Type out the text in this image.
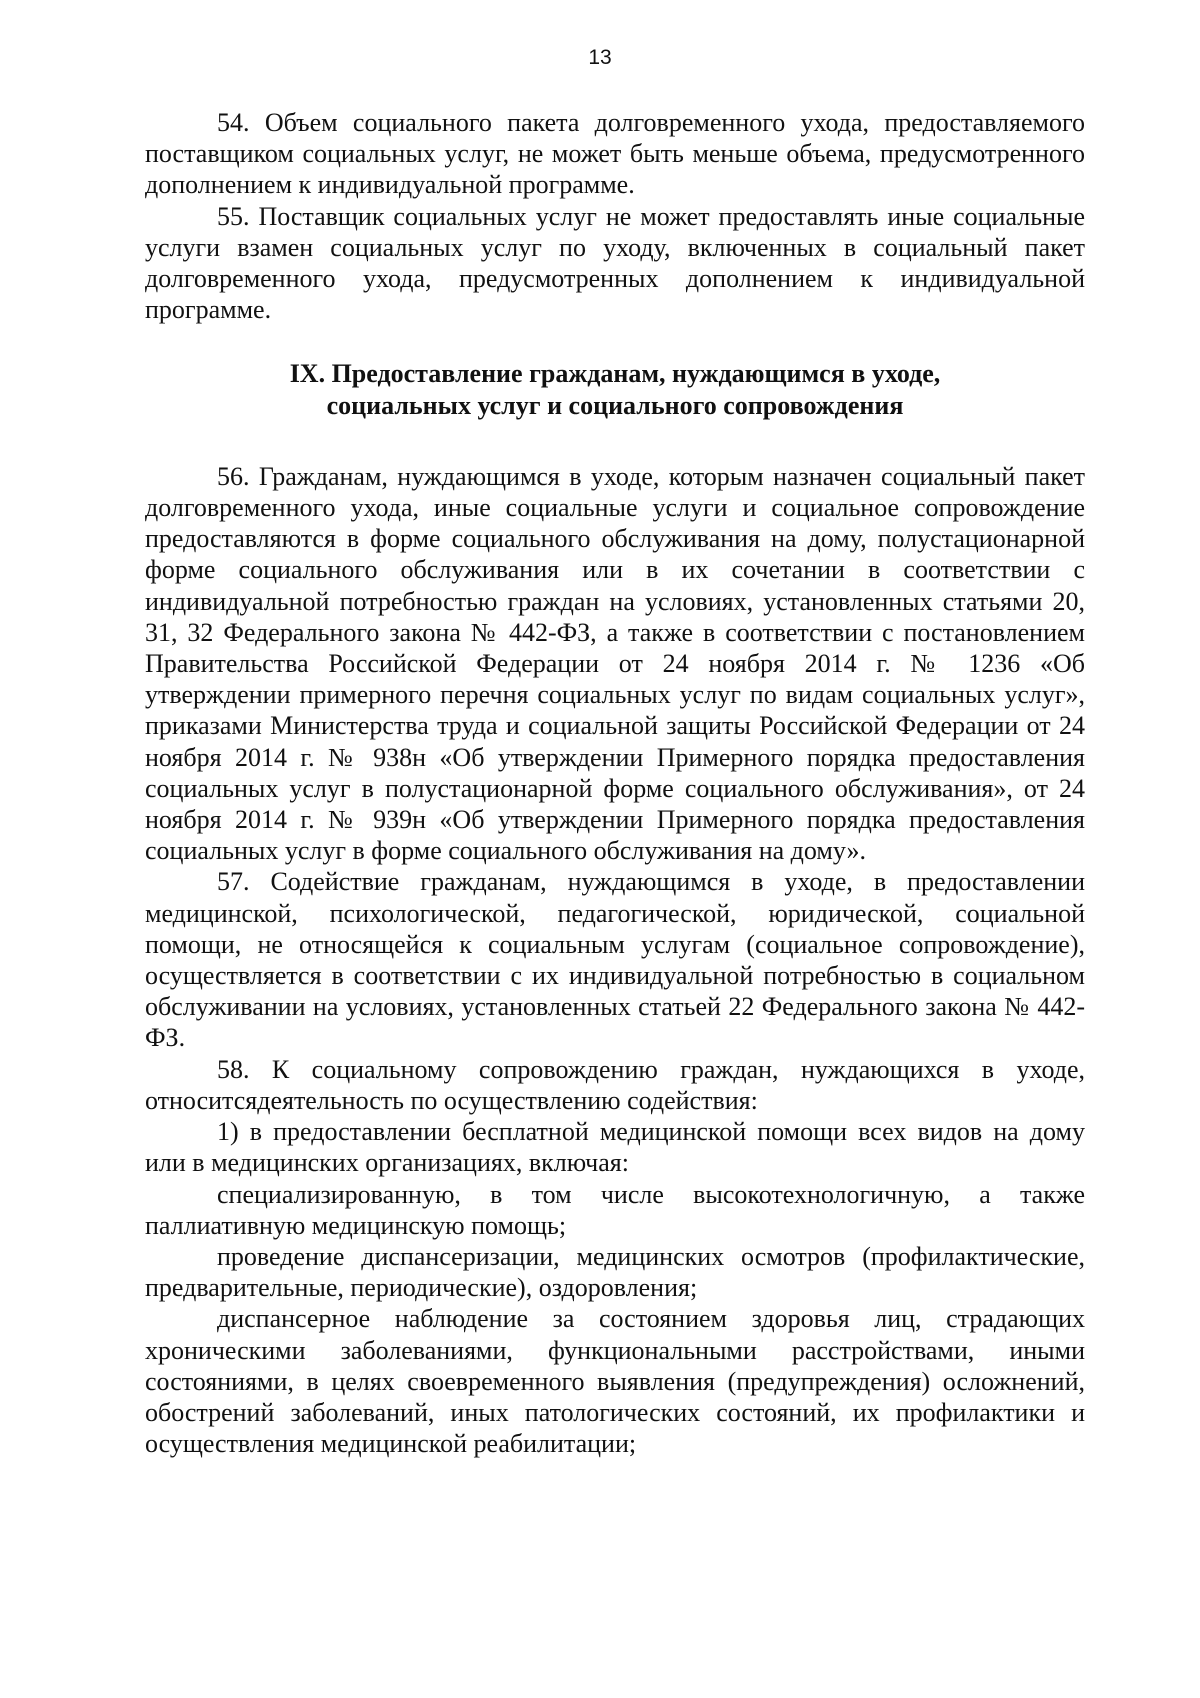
13

54. Объем социального пакета долговременного ухода, предоставляемого поставщиком социальных услуг, не может быть меньше объема, предусмотренного дополнением к индивидуальной программе.

55. Поставщик социальных услуг не может предоставлять иные социальные услуги взамен социальных услуг по уходу, включенных в социальный пакет долговременного ухода, предусмотренных дополнением к индивидуальной программе.

IX. Предоставление гражданам, нуждающимся в уходе,
социальных услуг и социального сопровождения

56. Гражданам, нуждающимся в уходе, которым назначен социальный пакет долговременного ухода, иные социальные услуги и социальное сопровождение предоставляются в форме социального обслуживания на дому, полустационарной форме социального обслуживания или в их сочетании в соответствии с индивидуальной потребностью граждан на условиях, установленных статьями 20, 31, 32 Федерального закона № 442-ФЗ, а также в соответствии с постановлением Правительства Российской Федерации от 24 ноября 2014 г. № 1236 «Об утверждении примерного перечня социальных услуг по видам социальных услуг», приказами Министерства труда и социальной защиты Российской Федерации от 24 ноября 2014 г. № 938н «Об утверждении Примерного порядка предоставления социальных услуг в полустационарной форме социального обслуживания», от 24 ноября 2014 г. № 939н «Об утверждении Примерного порядка предоставления социальных услуг в форме социального обслуживания на дому».

57. Содействие гражданам, нуждающимся в уходе, в предоставлении медицинской, психологической, педагогической, юридической, социальной помощи, не относящейся к социальным услугам (социальное сопровождение), осуществляется в соответствии с их индивидуальной потребностью в социальном обслуживании на условиях, установленных статьей 22 Федерального закона № 442-ФЗ.

58. К социальному сопровождению граждан, нуждающихся в уходе, относитсядеятельность по осуществлению содействия:

1) в предоставлении бесплатной медицинской помощи всех видов на дому или в медицинских организациях, включая:

специализированную, в том числе высокотехнологичную, а также паллиативную медицинскую помощь;

проведение диспансеризации, медицинских осмотров (профилактические, предварительные, периодические), оздоровления;

диспансерное наблюдение за состоянием здоровья лиц, страдающих хроническими заболеваниями, функциональными расстройствами, иными состояниями, в целях своевременного выявления (предупреждения) осложнений, обострений заболеваний, иных патологических состояний, их профилактики и осуществления медицинской реабилитации;
